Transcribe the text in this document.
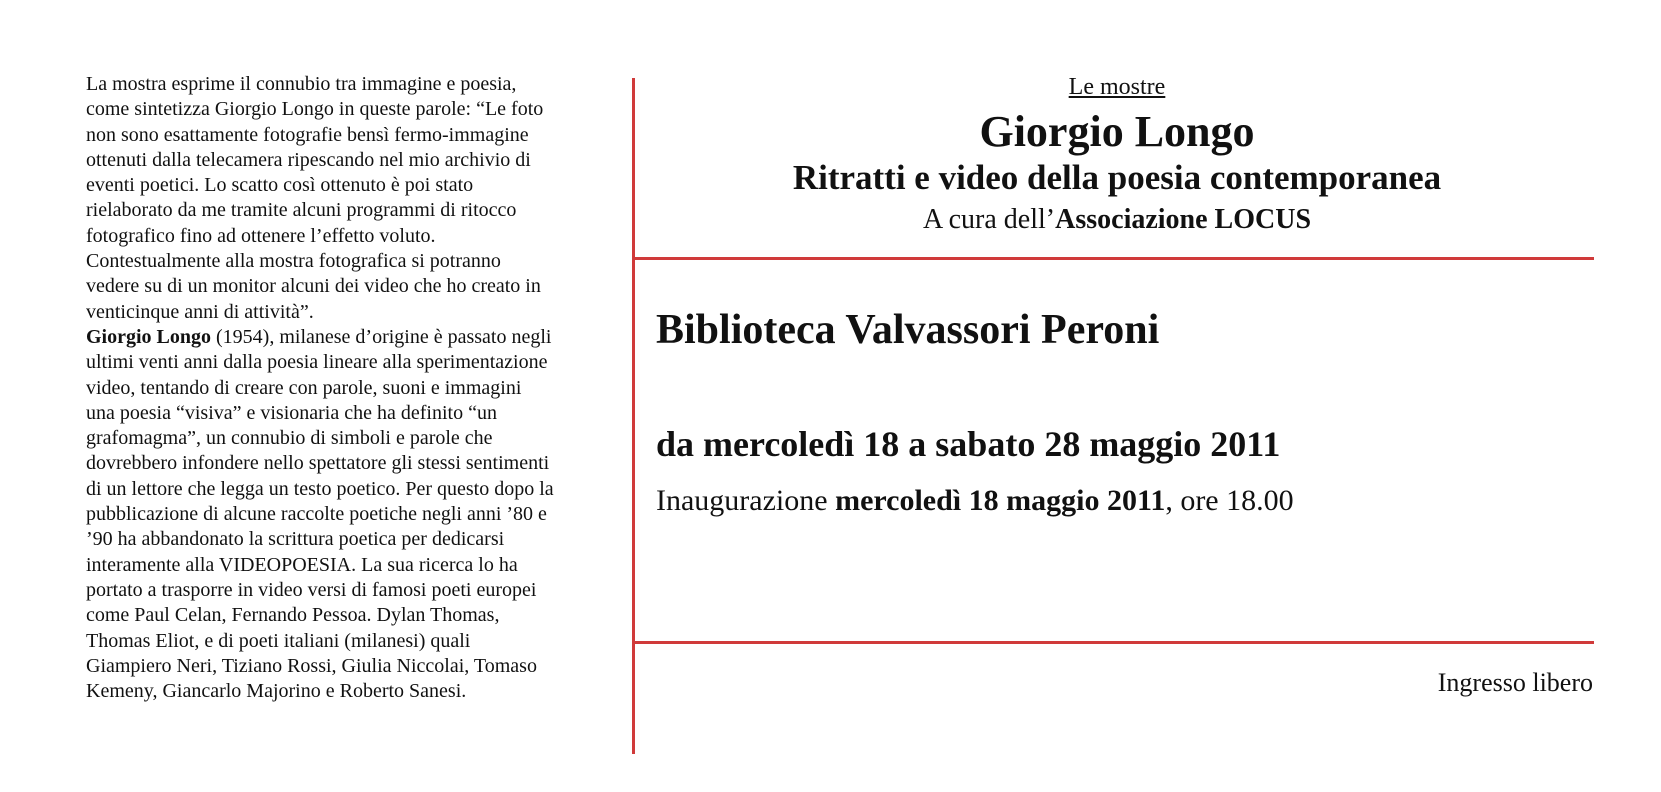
La mostra esprime il connubio tra immagine e poesia,

come sintetizza Giorgio Longo in queste parole: “Le foto

non sono esattamente fotografie bensì fermo-immagine

ottenuti dalla telecamera ripescando nel mio archivio di

eventi poetici. Lo scatto così ottenuto è poi stato

rielaborato da me tramite alcuni programmi di ritocco

fotografico fino ad ottenere l’effetto voluto.

Contestualmente alla mostra fotografica si potranno

vedere su di un monitor alcuni dei video che ho creato in

venticinque anni di attività”.

Giorgio Longo (1954), milanese d’origine è passato negli

ultimi venti anni dalla poesia lineare alla sperimentazione

video, tentando di creare con parole, suoni e immagini

una poesia “visiva” e visionaria che ha definito “un

grafomagma”, un connubio di simboli e parole che

dovrebbero infondere nello spettatore gli stessi sentimenti

di un lettore che legga un testo poetico. Per questo dopo la

pubblicazione di alcune raccolte poetiche negli anni ’80 e

’90 ha abbandonato la scrittura poetica per dedicarsi

interamente alla VIDEOPOESIA. La sua ricerca lo ha

portato a trasporre in video versi di famosi poeti europei

come Paul Celan, Fernando Pessoa. Dylan Thomas,

Thomas Eliot, e di poeti italiani (milanesi) quali

Giampiero Neri, Tiziano Rossi, Giulia Niccolai, Tomaso

Kemeny, Giancarlo Majorino e Roberto Sanesi.

Le mostre
Giorgio Longo
Ritratti e video della poesia contemporanea
A cura dell’Associazione LOCUS
Biblioteca Valvassori Peroni
da mercoledì 18 a sabato 28 maggio 2011
Inaugurazione mercoledì 18 maggio 2011, ore 18.00
Ingresso libero
